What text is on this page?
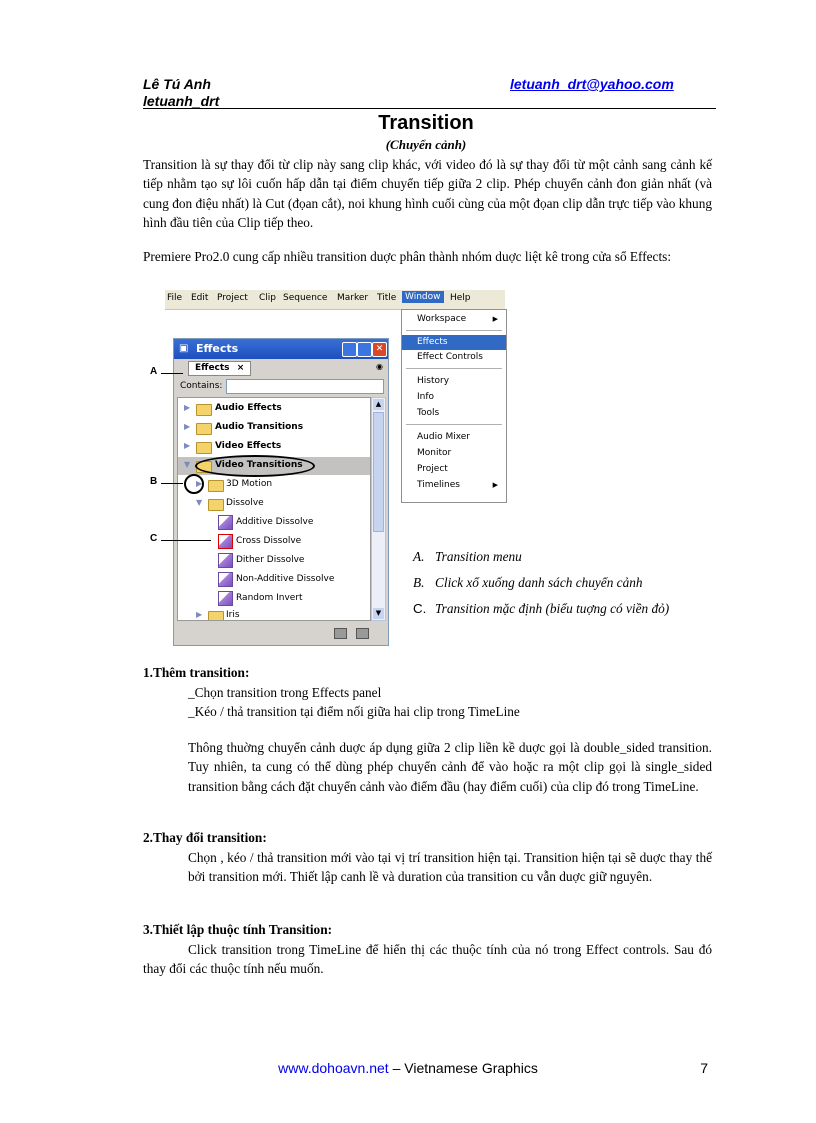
Lê Tú Anh
letuanh_drt
letuanh_drt@yahoo.com
Transition
(Chuyển cảnh)
Transition là sự thay đổi từ clip này sang clip khác, với video đó là sự thay đổi từ một cảnh sang cảnh kế tiếp nhằm tạo sự lôi cuốn hấp dẫn tại điểm chuyển tiếp giữa 2 clip. Phép chuyển cảnh đon giản nhất (và cung đon điệu nhất) là Cut (đọan cắt), noi khung hình cuối cùng của một đọan clip dẫn trực tiếp vào khung hình đầu tiên của Clip tiếp theo.
Premiere Pro2.0 cung cấp nhiều transition duợc phân thành nhóm duợc liệt kê trong cửa sổ Effects:
File Edit Project Clip Sequence Marker Title Window	Help
Workspace	▶
Effects
Effect Controls
History
Info
Tools
Audio Mixer
Monitor
Project
Timelines	▶
▣ Effects	✕
Effects ×	◉
Contains:
▶	Audio Effects
▶	Audio Transitions
▶	Video Effects
▼	Video Transitions
▶	3D Motion
▼	Dissolve
Additive Dissolve
Cross Dissolve
Dither Dissolve
Non-Additive Dissolve
Random Invert
▶	Iris
▲
▼
A
B
C
A. Transition menu
B. Click xổ xuống danh sách chuyển cảnh
C. Transition mặc định (biểu tuợng có viền đỏ)
1.Thêm transition:
_Chọn transition trong Effects panel
_Kéo / thả transition tại điểm nối giữa hai clip trong TimeLine
Thông thuờng chuyển cảnh duợc áp dụng giữa 2 clip liền kề duợc gọi là double_sided transition. Tuy nhiên, ta cung có thể dùng phép chuyển cảnh để vào hoặc ra một clip gọi là single_sided transition bằng cách đặt chuyển cảnh vào điểm đầu (hay điểm cuối) của clip đó trong TimeLine.
2.Thay đổi transition:
Chọn , kéo / thả transition mới vào tại vị trí transition hiện tại. Transition hiện tại sẽ duợc thay thế bởi transition mới. Thiết lập canh lề và duration của transition cu vẫn duợc giữ nguyên.
3.Thiết lập thuộc tính Transition:
Click transition trong TimeLine để hiển thị các thuộc tính của nó trong Effect controls. Sau đó thay đổi các thuộc tính nếu muốn.
www.dohoavn.net – Vietnamese Graphics	7
